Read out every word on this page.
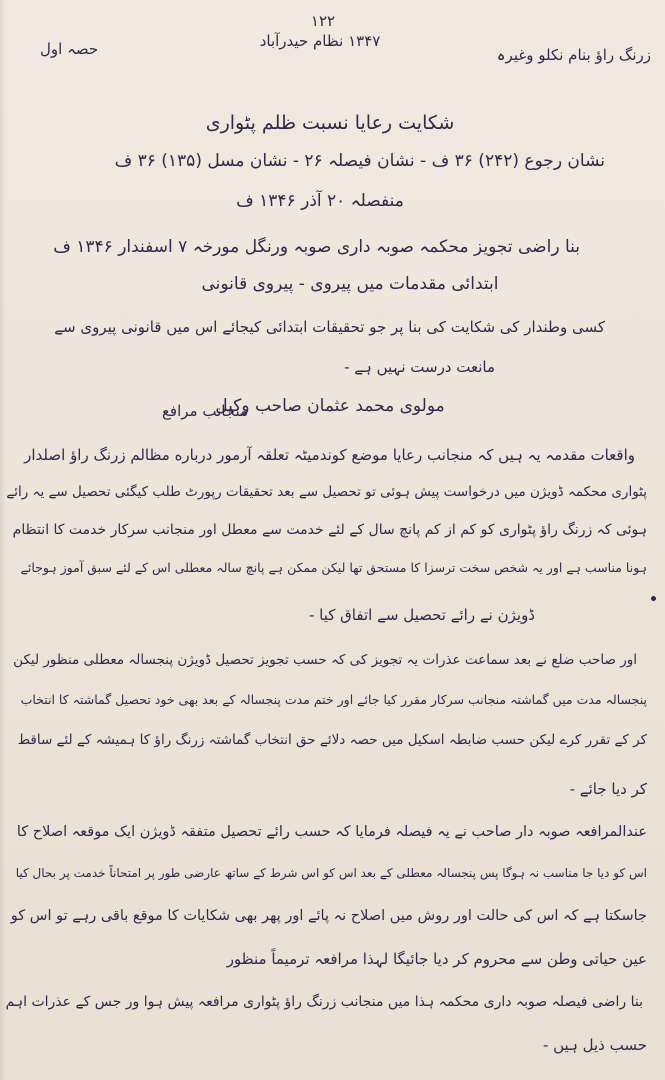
زرنگ راؤ بنام نکلو وغیرہ
۱۲۲
۱۳۴۷ نظام حیدرآباد
حصہ اول
شکایت رعایا نسبت ظلم پٹواری
نشان رجوع (۲۴۲) ۳۶ ف - نشان فیصلہ ۲۶ - نشان مسل (۱۳۵) ۳۶ ف
منفصلہ ۲۰ آذر ۱۳۴۶ ف
بنا راضی تجویز محکمہ صوبہ داری صوبہ ورنگل مورخہ ۷ اسفندار ۱۳۴۶ ف
ابتدائی مقدمات میں پیروی - پیروی قانونی
کسی وطندار کی شکایت کی بنا پر جو تحقیقات ابتدائی کیجائے اس میں قانونی پیروی سے
مانعت درست نہیں ہے -
مولوی محمد عثمان صاحب وکیل
منجانب مرافع
واقعات مقدمہ یہ ہیں کہ منجانب رعایا موضع کوندمیٹہ تعلقہ آرمور درباره مظالم زرنگ راؤ اصلدار
پٹواری محکمہ ڈویژن میں درخواست پیش ہوئی تو تحصیل سے بعد تحقیقات رپورٹ طلب کیگئی تحصیل سے یہ رائے
ہوئی کہ زرنگ راؤ پٹواری کو کم از کم پانچ سال کے لئے خدمت سے معطل اور منجانب سرکار خدمت کا انتظام
ہونا مناسب ہے اور یہ شخص سخت ترسزا کا مستحق تھا لیکن ممکن ہے پانچ سالہ معطلی اس کے لئے سبق آموز ہوجائے
ڈویژن نے رائے تحصیل سے اتفاق کیا -
اور صاحب ضلع نے بعد سماعت عذرات یہ تجویز کی کہ حسب تجویز تحصیل ڈویژن پنجسالہ معطلی منظور لیکن
پنجسالہ مدت میں گماشتہ منجانب سرکار مقرر کیا جائے اور ختم مدت پنجسالہ کے بعد بھی خود تحصیل گماشتہ کا انتخاب
کر کے تقرر کرے لیکن حسب ضابطہ اسکیل میں حصہ دلائے حق انتخاب گماشتہ زرنگ راؤ کا ہمیشہ کے لئے ساقط
کر دیا جائے -
عندالمرافعہ صوبہ دار صاحب نے یہ فیصلہ فرمایا کہ حسب رائے تحصیل متفقہ ڈویژن ایک موقعہ اصلاح کا
اس کو دیا جا مناسب نہ ہوگا پس پنجسالہ معطلی کے بعد اس کو اس شرط کے ساتھ عارضی طور پر امتحاناً خدمت پر بحال کیا
جاسکتا ہے کہ اس کی حالت اور روش میں اصلاح نہ پائے اور پھر بھی شکایات کا موقع باقی رہے تو اس کو
عین حیاتی وطن سے محروم کر دیا جائیگا لہذا مرافعہ ترمیماً منظور
بنا راضی فیصلہ صوبہ داری محکمہ ہذا میں منجانب زرنگ راؤ پٹواری مرافعہ پیش ہوا ور جس کے عذرات اہم
حسب ذیل ہیں -
